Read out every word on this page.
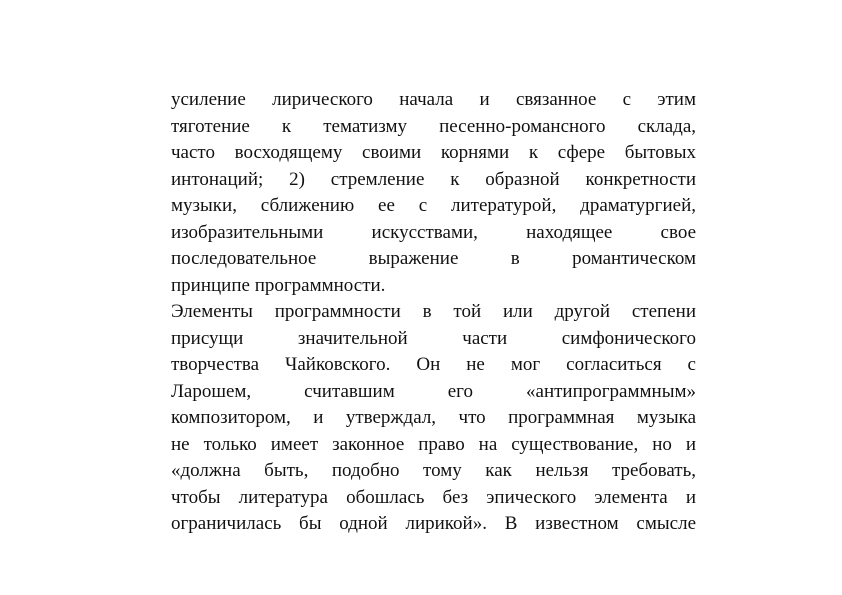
усиление лирического начала и связанное с этим
тяготение к тематизму песенно-романсного склада,
часто восходящему своими корнями к сфере бытовых
интонаций; 2) стремление к образной конкретности
музыки, сближению ее с литературой, драматургией,
изобразительными искусствами, находящее свое
последовательное выражение в романтическом
принципе программности.
Элементы программности в той или другой степени
присущи значительной части симфонического
творчества Чайковского. Он не мог согласиться с
Ларошем, считавшим его «антипрограммным»
композитором, и утверждал, что программная музыка
не только имеет законное право на существование, но и
«должна быть, подобно тому как нельзя требовать,
чтобы литература обошлась без эпического элемента и
ограничилась бы одной лирикой». В известном смысле
